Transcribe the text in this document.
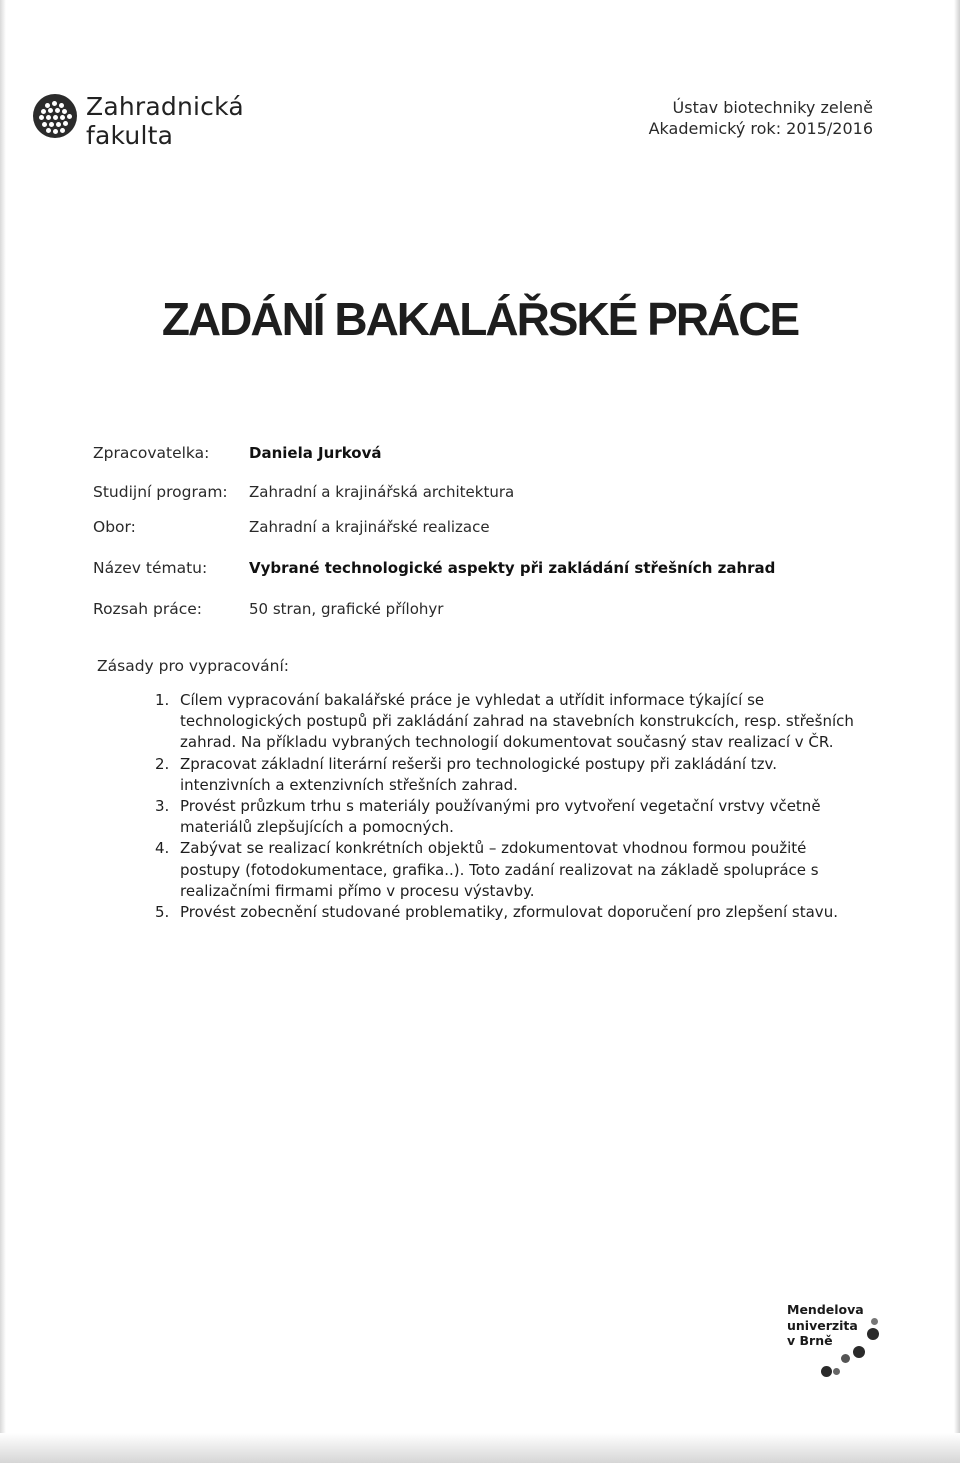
Zahradnická
fakulta
Ústav biotechniky zeleně
Akademický rok: 2015/2016
ZADÁNÍ BAKALÁŘSKÉ PRÁCE
Zpracovatelka:	Daniela Jurková
Studijní program:	Zahradní a krajinářská architektura
Obor:	Zahradní a krajinářské realizace
Název tématu:	Vybrané technologické aspekty při zakládání střešních zahrad
Rozsah práce:	50 stran, grafické přílohyr
Zásady pro vypracování:
1. Cílem vypracování bakalářské práce je vyhledat a utřídit informace týkající se technologických postupů při zakládání zahrad na stavebních konstrukcích, resp. střešních zahrad. Na příkladu vybraných technologií dokumentovat současný stav realizací v ČR.
2. Zpracovat základní literární rešerši pro technologické postupy při zakládání tzv. intenzivních a extenzivních střešních zahrad.
3. Provést průzkum trhu s materiály používanými pro vytvoření vegetační vrstvy včetně materiálů zlepšujících a pomocných.
4. Zabývat se realizací konkrétních objektů – zdokumentovat vhodnou formou použité postupy (fotodokumentace, grafika..). Toto zadání realizovat na základě spolupráce s realizačními firmami přímo v procesu výstavby.
5. Provést zobecnění studované problematiky, zformulovat doporučení pro zlepšení stavu.
Mendelova
univerzita
v Brně
